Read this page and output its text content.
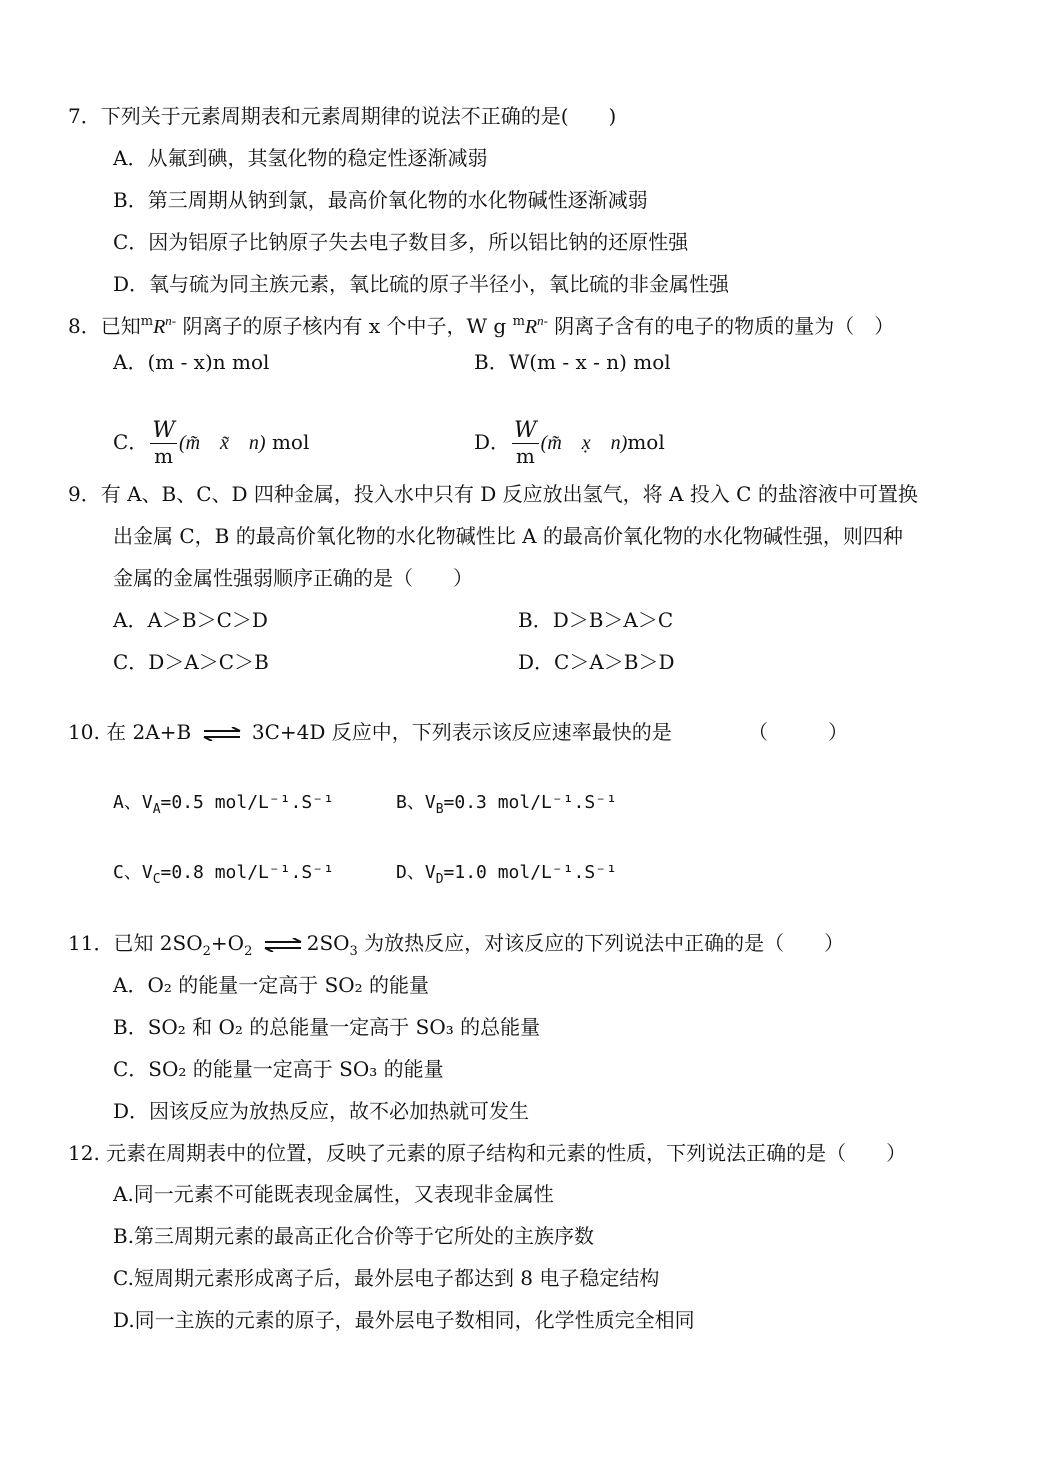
7．下列关于元素周期表和元素周期律的说法不正确的是(　　)
A．从氟到碘，其氢化物的稳定性逐渐减弱
B．第三周期从钠到氯，最高价氧化物的水化物碱性逐渐减弱
C．因为铝原子比钠原子失去电子数目多，所以铝比钠的还原性强
D．氧与硫为同主族元素，氧比硫的原子半径小，氧比硫的非金属性强
8．已知$^mR^{n-}$ 阴离子的原子核内有 x 个中子，W g $^mR^{n-}$ 阴离子含有的电子的物质的量为（　）
A．(m - x)n mol	B．W(m - x - n) mol
C． $\frac{W}{m}$ (m̃　x̃　n) mol	D． $\frac{W}{m}$ (m̃　x̣　n)mol
9．有 A、B、C、D 四种金属，投入水中只有 D 反应放出氢气，将 A 投入 C 的盐溶液中可置换
出金属 C，B 的最高价氧化物的水化物碱性比 A 的最高价氧化物的水化物碱性强，则四种
金属的金属性强弱顺序正确的是（　　）
A．A＞B＞C＞D	B．D＞B＞A＞C
C．D＞A＞C＞B	D．C＞A＞B＞D
10. 在 2A+B ⇌ 3C+4D 反应中，下列表示该反应速率最快的是	（　　　）
A、$V_A=0.5$ mol/L⁻¹.S⁻¹	B、$V_B=0.3$ mol/L⁻¹.S⁻¹
C、$V_C=0.8$ mol/L⁻¹.S⁻¹	D、$V_D=1.0$ mol/L⁻¹.S⁻¹
11．已知 $2SO_2+O_2$ ⇌ $2SO_3$ 为放热反应，对该反应的下列说法中正确的是（　　）
A．O₂ 的能量一定高于 SO₂ 的能量
B．SO₂ 和 O₂ 的总能量一定高于 SO₃ 的总能量
C．SO₂ 的能量一定高于 SO₃ 的能量
D．因该反应为放热反应，故不必加热就可发生
12. 元素在周期表中的位置，反映了元素的原子结构和元素的性质，下列说法正确的是（　　）
A.同一元素不可能既表现金属性，又表现非金属性
B.第三周期元素的最高正化合价等于它所处的主族序数
C.短周期元素形成离子后，最外层电子都达到 8 电子稳定结构
D.同一主族的元素的原子，最外层电子数相同，化学性质完全相同
